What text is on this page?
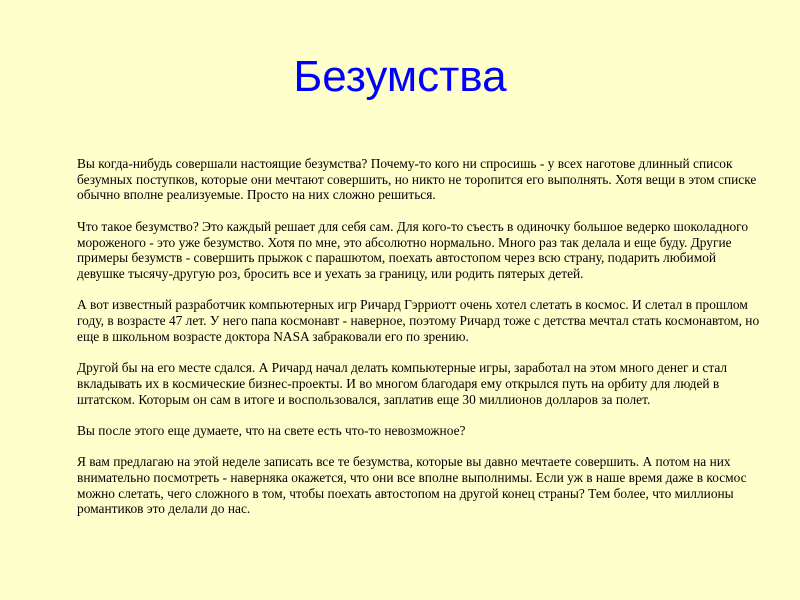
Безумства

Вы когда-нибудь совершали настоящие безумства? Почему-то кого ни спросишь - у всех наготове длинный список безумных поступков, которые они мечтают совершить, но никто не торопится его выполнять. Хотя вещи в этом списке обычно вполне реализуемые. Просто на них сложно решиться.

Что такое безумство? Это каждый решает для себя сам. Для кого-то съесть в одиночку большое ведерко шоколадного мороженого - это уже безумство. Хотя по мне, это абсолютно нормально. Много раз так делала и еще буду. Другие примеры безумств - совершить прыжок с парашютом, поехать автостопом через всю страну, подарить любимой девушке тысячу-другую роз, бросить все и уехать за границу, или родить пятерых детей.

А вот известный разработчик компьютерных игр Ричард Гэрриотт очень хотел слетать в космос. И слетал в прошлом году, в возрасте 47 лет. У него папа космонавт - наверное, поэтому Ричард тоже с детства мечтал стать космонавтом, но еще в школьном возрасте доктора NASA забраковали его по зрению.

Другой бы на его месте сдался. А Ричард начал делать компьютерные игры, заработал на этом много денег и стал вкладывать их в космические бизнес-проекты. И во многом благодаря ему открылся путь на орбиту для людей в штатском. Которым он сам в итоге и воспользовался, заплатив еще 30 миллионов долларов за полет.

Вы после этого еще думаете, что на свете есть что-то невозможное?

Я вам предлагаю на этой неделе записать все те безумства, которые вы давно мечтаете совершить. А потом на них внимательно посмотреть - наверняка окажется, что они все вполне выполнимы. Если уж в наше время даже в космос можно слетать, чего сложного в том, чтобы поехать автостопом на другой конец страны? Тем более, что миллионы романтиков это делали до нас.
